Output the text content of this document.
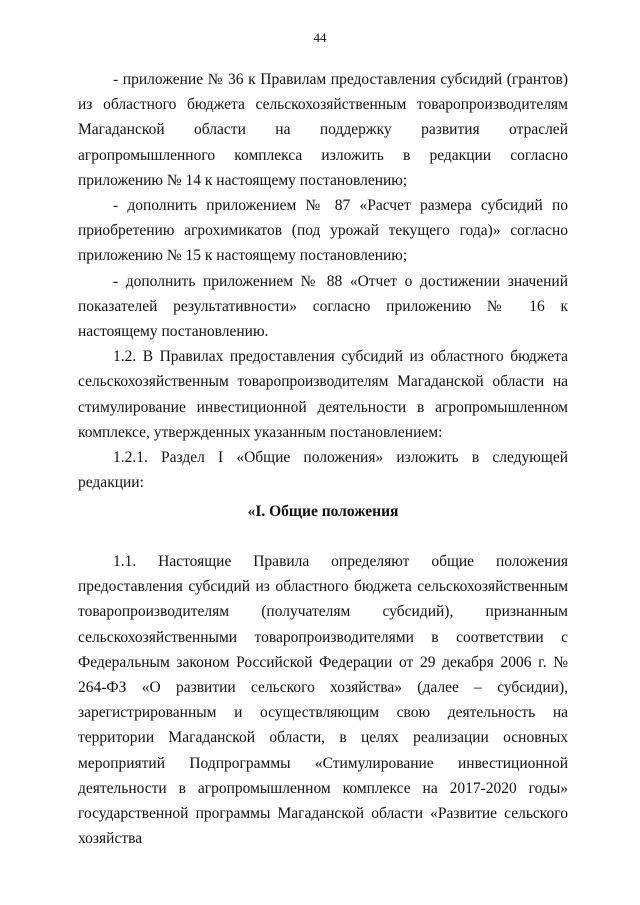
44

- приложение № 36 к Правилам предоставления субсидий (грантов) из областного бюджета сельскохозяйственным товаропроизводителям Магаданской области на поддержку развития отраслей агропромышленного комплекса изложить в редакции согласно приложению № 14 к настоящему постановлению;

- дополнить приложением № 87 «Расчет размера субсидий по приобретению агрохимикатов (под урожай текущего года)» согласно приложению № 15 к настоящему постановлению;

- дополнить приложением № 88 «Отчет о достижении значений показателей результативности» согласно приложению № 16 к настоящему постановлению.

1.2. В Правилах предоставления субсидий из областного бюджета сельскохозяйственным товаропроизводителям Магаданской области на стимулирование инвестиционной деятельности в агропромышленном комплексе, утвержденных указанным постановлением:

1.2.1. Раздел I «Общие положения» изложить в следующей редакции:

«I. Общие положения

1.1. Настоящие Правила определяют общие положения предоставления субсидий из областного бюджета сельскохозяйственным товаропроизводителям (получателям субсидий), признанным сельскохозяйственными товаропроизводителями в соответствии с Федеральным законом Российской Федерации от 29 декабря 2006 г. № 264-ФЗ «О развитии сельского хозяйства» (далее – субсидии), зарегистрированным и осуществляющим свою деятельность на территории Магаданской области, в целях реализации основных мероприятий Подпрограммы «Стимулирование инвестиционной деятельности в агропромышленном комплексе на 2017-2020 годы» государственной программы Магаданской области «Развитие сельского хозяйства
